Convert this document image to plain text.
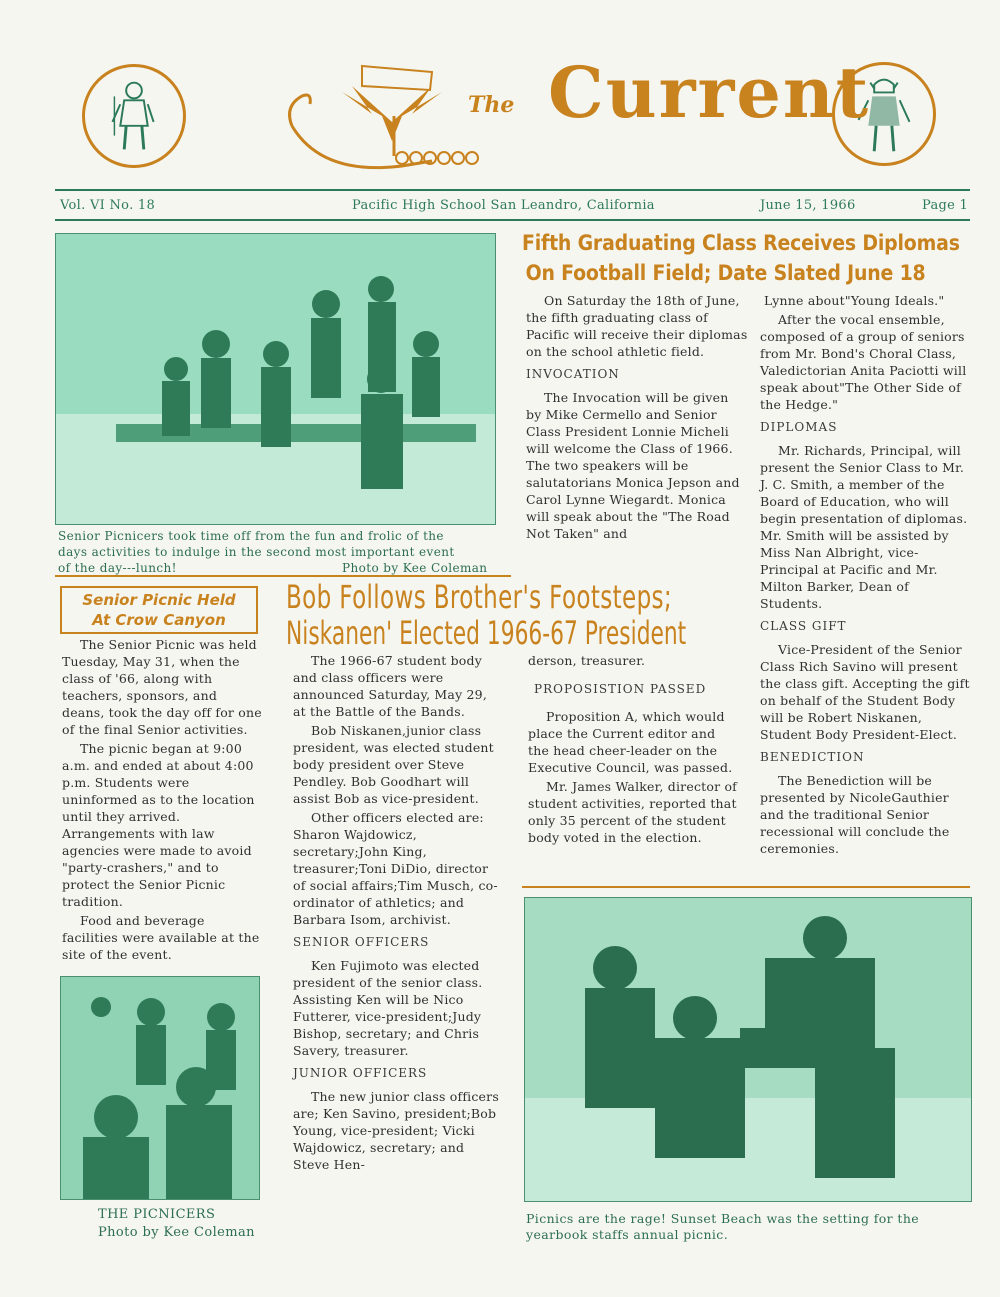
The Current
Vol. VI No. 18	Pacific High School San Leandro, California	June 15, 1966	Page 1
Senior Picnicers took time off from the fun and frolic of the
days activities to indulge in the second most important event
of the day---lunch!	Photo by Kee Coleman
Fifth Graduating Class Receives Diplomas
On Football Field; Date Slated June 18

On Saturday the 18th of June, the fifth graduating class of Pacific will receive their diplomas on the school athletic field.

INVOCATION

The Invocation will be given by Mike Cermello and Senior Class President Lonnie Micheli will welcome the Class of 1966. The two speakers will be salutatorians Monica Jepson and Carol Lynne Wiegardt. Monica will speak about the "The Road Not Taken" and

Lynne about"Young Ideals."

After the vocal ensemble, composed of a group of seniors from Mr. Bond's Choral Class, Valedictorian Anita Paciotti will speak about"The Other Side of the Hedge."

DIPLOMAS

Mr. Richards, Principal, will present the Senior Class to Mr. J. C. Smith, a member of the Board of Education, who will begin presentation of diplomas. Mr. Smith will be assisted by Miss Nan Albright, vice-Principal at Pacific and Mr. Milton Barker, Dean of Students.

CLASS GIFT

Vice-President of the Senior Class Rich Savino will present the class gift. Accepting the gift on behalf of the Student Body will be Robert Niskanen, Student Body President-Elect.

BENEDICTION

The Benediction will be presented by NicoleGauthier and the traditional Senior recessional will conclude the ceremonies.

Senior Picnic Held
At Crow Canyon

The Senior Picnic was held Tuesday, May 31, when the class of '66, along with teachers, sponsors, and deans, took the day off for one of the final Senior activities.

The picnic began at 9:00 a.m. and ended at about 4:00 p.m. Students were uninformed as to the location until they arrived. Arrangements with law agencies were made to avoid "party-crashers," and to protect the Senior Picnic tradition.

Food and beverage facilities were available at the site of the event.

THE PICNICERS
Photo by Kee Coleman
Bob Follows Brother's Footsteps;
Niskanen' Elected 1966-67 President

The 1966-67 student body and class officers were announced Saturday, May 29, at the Battle of the Bands.

Bob Niskanen,junior class president, was elected student body president over Steve Pendley. Bob Goodhart will assist Bob as vice-president.

Other officers elected are: Sharon Wajdowicz, secretary;John King, treasurer;Toni DiDio, director of social affairs;Tim Musch, co-ordinator of athletics; and Barbara Isom, archivist.

SENIOR OFFICERS

Ken Fujimoto was elected president of the senior class. Assisting Ken will be Nico Futterer, vice-president;Judy Bishop, secretary; and Chris Savery, treasurer.

JUNIOR OFFICERS

The new junior class officers are; Ken Savino, president;Bob Young, vice-president; Vicki Wajdowicz, secretary; and Steve Hen-

derson, treasurer.

PROPOSISTION PASSED

Proposition A, which would place the Current editor and the head cheer-leader on the Executive Council, was passed.

Mr. James Walker, director of student activities, reported that only 35 percent of the student body voted in the election.

Picnics are the rage! Sunset Beach was the setting for the
yearbook staffs annual picnic.
